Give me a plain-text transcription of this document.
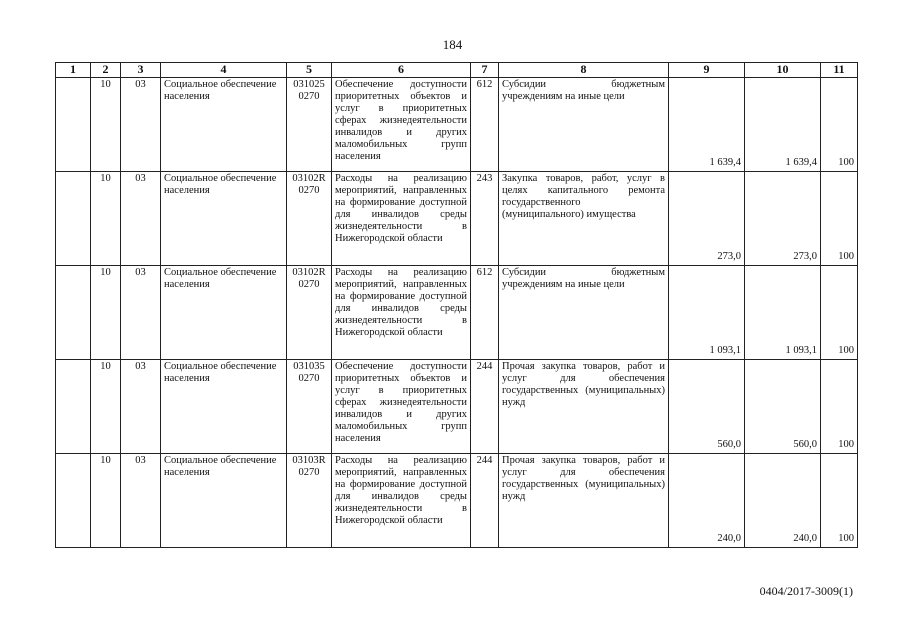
184
1	2	3	4	5	6	7	8	9	10	11
	10	03	Социальное обеспечение населения	031025 0270	Обеспечение доступности приоритетных объектов и услуг в приоритетных сферах жизнедеятельности инвалидов и других маломобильных групп населения	612	Субсидии бюджетным учреждениям на иные цели	1 639,4	1 639,4	100
	10	03	Социальное обеспечение населения	03102R 0270	Расходы на реализацию мероприятий, направленных на формирование доступной для инвалидов среды жизнедеятельности в Нижегородской области	243	Закупка товаров, работ, услуг в целях капитального ремонта государственного (муниципального) имущества	273,0	273,0	100
	10	03	Социальное обеспечение населения	03102R 0270	Расходы на реализацию мероприятий, направленных на формирование доступной для инвалидов среды жизнедеятельности в Нижегородской области	612	Субсидии бюджетным учреждениям на иные цели	1 093,1	1 093,1	100
	10	03	Социальное обеспечение населения	031035 0270	Обеспечение доступности приоритетных объектов и услуг в приоритетных сферах жизнедеятельности инвалидов и других маломобильных групп населения	244	Прочая закупка товаров, работ и услуг для обеспечения государственных (муниципальных) нужд	560,0	560,0	100
	10	03	Социальное обеспечение населения	03103R 0270	Расходы на реализацию мероприятий, направленных на формирование доступной для инвалидов среды жизнедеятельности в Нижегородской области	244	Прочая закупка товаров, работ и услуг для обеспечения государственных (муниципальных) нужд	240,0	240,0	100
0404/2017-3009(1)
